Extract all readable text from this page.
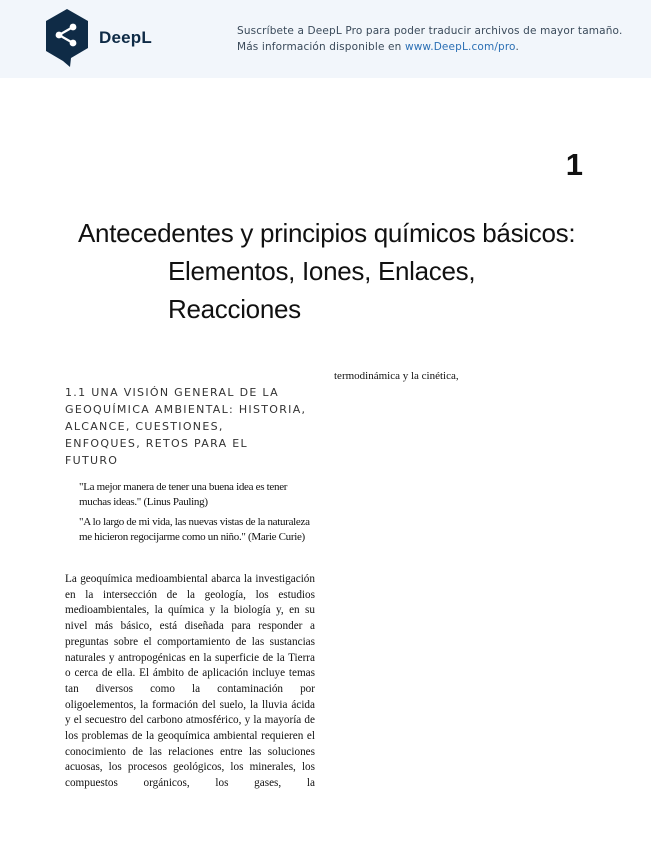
DeepL	Suscríbete a DeepL Pro para poder traducir archivos de mayor tamaño.
Más información disponible en www.DeepL.com/pro.
1
Antecedentes y principios químicos básicos:
Elementos, Iones, Enlaces,
Reacciones
termodinámica y la cinética,
1.1 UNA VISIÓN GENERAL DE LA
GEOQUÍMICA AMBIENTAL: HISTORIA,
ALCANCE, CUESTIONES,
ENFOQUES, RETOS PARA EL
FUTURO
"La mejor manera de tener una buena idea es tener muchas ideas." (Linus Pauling)
"A lo largo de mi vida, las nuevas vistas de la naturaleza me hicieron regocijarme como un niño." (Marie Curie)
La geoquímica medioambiental abarca la investigación en la intersección de la geología, los estudios medioambientales, la química y la biología y, en su nivel más básico, está diseñada para responder a preguntas sobre el comportamiento de las sustancias naturales y antropogénicas en la superficie de la Tierra o cerca de ella. El ámbito de aplicación incluye temas tan diversos como la contaminación por oligoelementos, la formación del suelo, la lluvia ácida y el secuestro del carbono atmosférico, y la mayoría de los problemas de la geoquímica ambiental requieren el conocimiento de las relaciones entre las soluciones acuosas, los procesos geológicos, los minerales, los compuestos orgánicos, los gases, la
